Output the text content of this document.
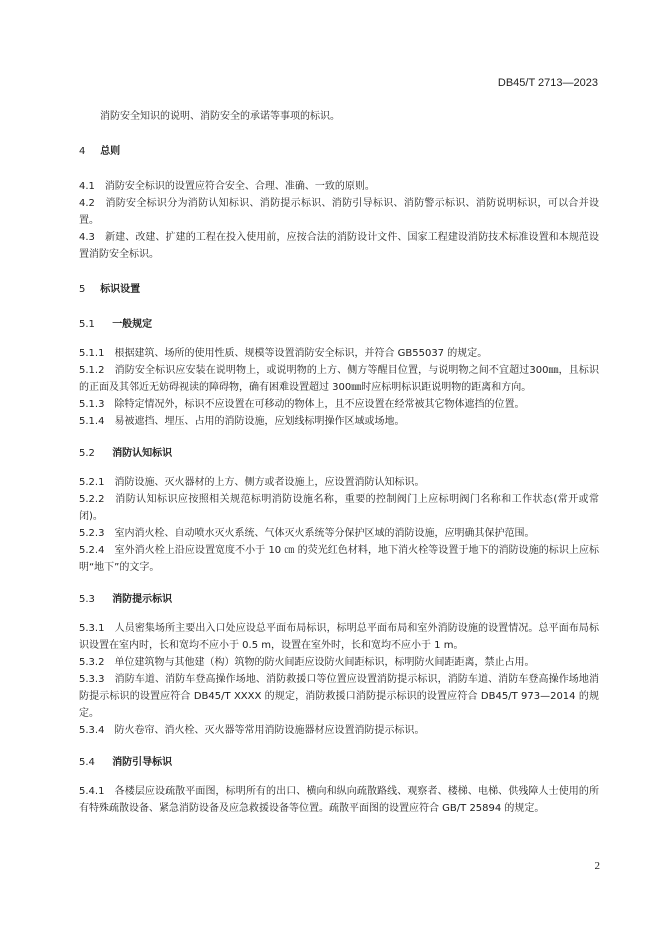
DB45/T 2713—2023

消防安全知识的说明、消防安全的承诺等事项的标识。

4 总则

4.1　消防安全标识的设置应符合安全、合理、准确、一致的原则。

4.2　消防安全标识分为消防认知标识、消防提示标识、消防引导标识、消防警示标识、消防说明标识，可以合并设置。

4.3　新建、改建、扩建的工程在投入使用前，应按合法的消防设计文件、国家工程建设消防技术标准设置和本规范设置消防安全标识。

5 标识设置
5.1 一般规定

5.1.1　根据建筑、场所的使用性质、规模等设置消防安全标识，并符合 GB55037 的规定。

5.1.2　消防安全标识应安装在说明物上，或说明物的上方、侧方等醒目位置，与说明物之间不宜超过300㎜，且标识的正面及其邻近无妨碍视读的障碍物，确有困难设置超过 300㎜时应标明标识距说明物的距离和方向。

5.1.3　除特定情况外，标识不应设置在可移动的物体上，且不应设置在经常被其它物体遮挡的位置。

5.1.4　易被遮挡、埋压、占用的消防设施，应划线标明操作区域或场地。

5.2 消防认知标识

5.2.1　消防设施、灭火器材的上方、侧方或者设施上，应设置消防认知标识。

5.2.2　消防认知标识应按照相关规范标明消防设施名称，重要的控制阀门上应标明阀门名称和工作状态(常开或常闭)。

5.2.3　室内消火栓、自动喷水灭火系统、气体灭火系统等分保护区域的消防设施，应明确其保护范围。

5.2.4　室外消火栓上沿应设置宽度不小于 10 ㎝ 的荧光红色材料，地下消火栓等设置于地下的消防设施的标识上应标明“地下”的文字。

5.3 消防提示标识

5.3.1　人员密集场所主要出入口处应设总平面布局标识，标明总平面布局和室外消防设施的设置情况。总平面布局标识设置在室内时，长和宽均不应小于 0.5 m，设置在室外时，长和宽均不应小于 1 m。

5.3.2　单位建筑物与其他建（构）筑物的防火间距应设防火间距标识，标明防火间距距离，禁止占用。

5.3.3　消防车道、消防车登高操作场地、消防救援口等位置应设置消防提示标识，消防车道、消防车登高操作场地消防提示标识的设置应符合 DB45/T XXXX 的规定，消防救援口消防提示标识的设置应符合 DB45/T 973—2014 的规定。

5.3.4　防火卷帘、消火栓、灭火器等常用消防设施器材应设置消防提示标识。

5.4 消防引导标识

5.4.1　各楼层应设疏散平面图，标明所有的出口、横向和纵向疏散路线、观察者、楼梯、电梯、供残障人士使用的所有特殊疏散设备、紧急消防设备及应急救援设备等位置。疏散平面图的设置应符合 GB/T 25894 的规定。

2
